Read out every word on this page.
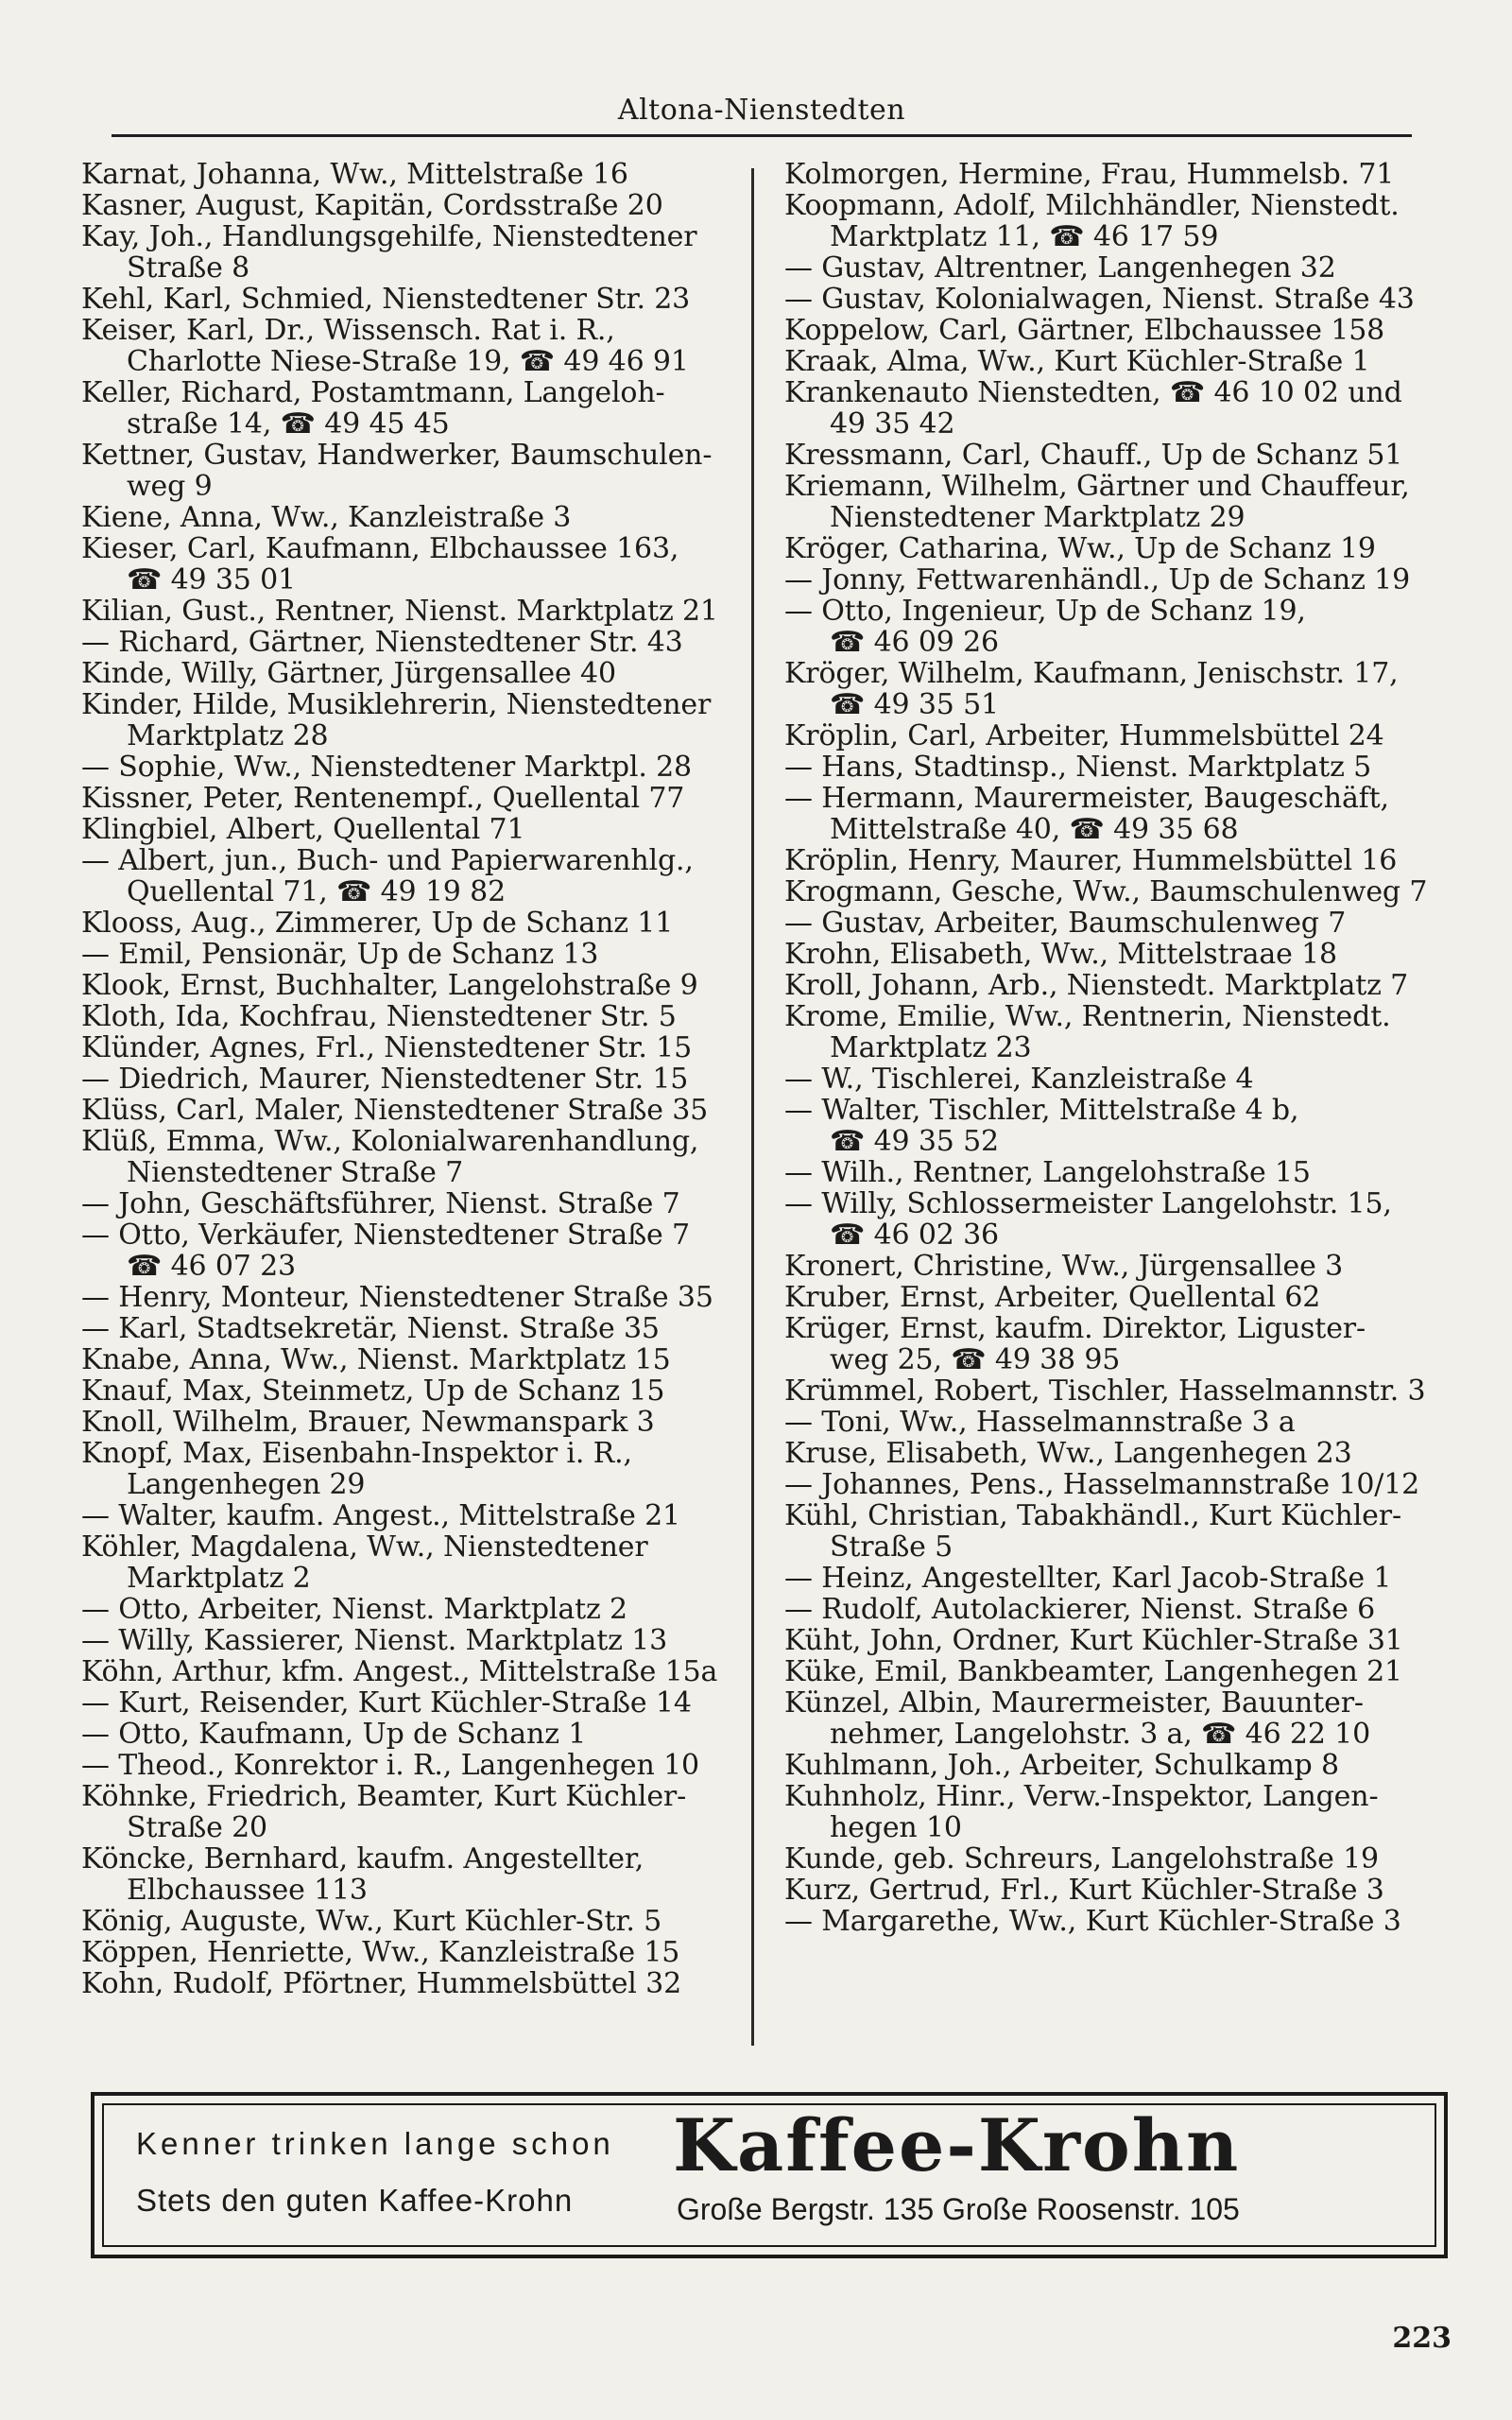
Altona-Nienstedten
Karnat, Johanna, Ww., Mittelstraße 16
Kasner, August, Kapitän, Cordsstraße 20
Kay, Joh., Handlungsgehilfe, Nienstedtener
Straße 8
Kehl, Karl, Schmied, Nienstedtener Str. 23
Keiser, Karl, Dr., Wissensch. Rat i. R.,
Charlotte Niese-Straße 19, ☎ 49 46 91
Keller, Richard, Postamtmann, Langeloh-
straße 14, ☎ 49 45 45
Kettner, Gustav, Handwerker, Baumschulen-
weg 9
Kiene, Anna, Ww., Kanzleistraße 3
Kieser, Carl, Kaufmann, Elbchaussee 163,
☎ 49 35 01
Kilian, Gust., Rentner, Nienst. Marktplatz 21
— Richard, Gärtner, Nienstedtener Str. 43
Kinde, Willy, Gärtner, Jürgensallee 40
Kinder, Hilde, Musiklehrerin, Nienstedtener
Marktplatz 28
— Sophie, Ww., Nienstedtener Marktpl. 28
Kissner, Peter, Rentenempf., Quellental 77
Klingbiel, Albert, Quellental 71
— Albert, jun., Buch- und Papierwarenhlg.,
Quellental 71, ☎ 49 19 82
Klooss, Aug., Zimmerer, Up de Schanz 11
— Emil, Pensionär, Up de Schanz 13
Klook, Ernst, Buchhalter, Langelohstraße 9
Kloth, Ida, Kochfrau, Nienstedtener Str. 5
Klünder, Agnes, Frl., Nienstedtener Str. 15
— Diedrich, Maurer, Nienstedtener Str. 15
Klüss, Carl, Maler, Nienstedtener Straße 35
Klüß, Emma, Ww., Kolonialwarenhandlung,
Nienstedtener Straße 7
— John, Geschäftsführer, Nienst. Straße 7
— Otto, Verkäufer, Nienstedtener Straße 7
☎ 46 07 23
— Henry, Monteur, Nienstedtener Straße 35
— Karl, Stadtsekretär, Nienst. Straße 35
Knabe, Anna, Ww., Nienst. Marktplatz 15
Knauf, Max, Steinmetz, Up de Schanz 15
Knoll, Wilhelm, Brauer, Newmanspark 3
Knopf, Max, Eisenbahn-Inspektor i. R.,
Langenhegen 29
— Walter, kaufm. Angest., Mittelstraße 21
Köhler, Magdalena, Ww., Nienstedtener
Marktplatz 2
— Otto, Arbeiter, Nienst. Marktplatz 2
— Willy, Kassierer, Nienst. Marktplatz 13
Köhn, Arthur, kfm. Angest., Mittelstraße 15a
— Kurt, Reisender, Kurt Küchler-Straße 14
— Otto, Kaufmann, Up de Schanz 1
— Theod., Konrektor i. R., Langenhegen 10
Köhnke, Friedrich, Beamter, Kurt Küchler-
Straße 20
Köncke, Bernhard, kaufm. Angestellter,
Elbchaussee 113
König, Auguste, Ww., Kurt Küchler-Str. 5
Köppen, Henriette, Ww., Kanzleistraße 15
Kohn, Rudolf, Pförtner, Hummelsbüttel 32
Kolmorgen, Hermine, Frau, Hummelsb. 71
Koopmann, Adolf, Milchhändler, Nienstedt.
Marktplatz 11, ☎ 46 17 59
— Gustav, Altrentner, Langenhegen 32
— Gustav, Kolonialwagen, Nienst. Straße 43
Koppelow, Carl, Gärtner, Elbchaussee 158
Kraak, Alma, Ww., Kurt Küchler-Straße 1
Krankenauto Nienstedten, ☎ 46 10 02 und
49 35 42
Kressmann, Carl, Chauff., Up de Schanz 51
Kriemann, Wilhelm, Gärtner und Chauffeur,
Nienstedtener Marktplatz 29
Kröger, Catharina, Ww., Up de Schanz 19
— Jonny, Fettwarenhändl., Up de Schanz 19
— Otto, Ingenieur, Up de Schanz 19,
☎ 46 09 26
Kröger, Wilhelm, Kaufmann, Jenischstr. 17,
☎ 49 35 51
Kröplin, Carl, Arbeiter, Hummelsbüttel 24
— Hans, Stadtinsp., Nienst. Marktplatz 5
— Hermann, Maurermeister, Baugeschäft,
Mittelstraße 40, ☎ 49 35 68
Kröplin, Henry, Maurer, Hummelsbüttel 16
Krogmann, Gesche, Ww., Baumschulenweg 7
— Gustav, Arbeiter, Baumschulenweg 7
Krohn, Elisabeth, Ww., Mittelstraae 18
Kroll, Johann, Arb., Nienstedt. Marktplatz 7
Krome, Emilie, Ww., Rentnerin, Nienstedt.
Marktplatz 23
— W., Tischlerei, Kanzleistraße 4
— Walter, Tischler, Mittelstraße 4 b,
☎ 49 35 52
— Wilh., Rentner, Langelohstraße 15
— Willy, Schlossermeister Langelohstr. 15,
☎ 46 02 36
Kronert, Christine, Ww., Jürgensallee 3
Kruber, Ernst, Arbeiter, Quellental 62
Krüger, Ernst, kaufm. Direktor, Liguster-
weg 25, ☎ 49 38 95
Krümmel, Robert, Tischler, Hasselmannstr. 3
— Toni, Ww., Hasselmannstraße 3 a
Kruse, Elisabeth, Ww., Langenhegen 23
— Johannes, Pens., Hasselmannstraße 10/12
Kühl, Christian, Tabakhändl., Kurt Küchler-
Straße 5
— Heinz, Angestellter, Karl Jacob-Straße 1
— Rudolf, Autolackierer, Nienst. Straße 6
Küht, John, Ordner, Kurt Küchler-Straße 31
Küke, Emil, Bankbeamter, Langenhegen 21
Künzel, Albin, Maurermeister, Bauunter-
nehmer, Langelohstr. 3 a, ☎ 46 22 10
Kuhlmann, Joh., Arbeiter, Schulkamp 8
Kuhnholz, Hinr., Verw.-Inspektor, Langen-
hegen 10
Kunde, geb. Schreurs, Langelohstraße 19
Kurz, Gertrud, Frl., Kurt Küchler-Straße 3
— Margarethe, Ww., Kurt Küchler-Straße 3
Kenner trinken lange schon
Stets den guten Kaffee-Krohn
Kaffee-Krohn
Große Bergstr. 135 Große Roosenstr. 105
223
